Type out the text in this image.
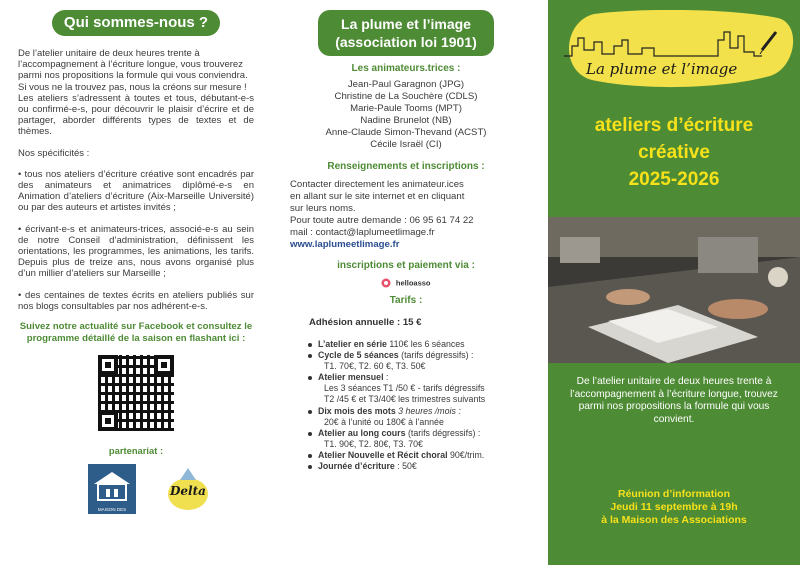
Qui sommes-nous ?

De l’atelier unitaire de deux heures trente à l’accompagnement à l’écriture longue, vous trouverez parmi nos propositions la formule qui vous conviendra. Si vous ne la trouvez pas, nous la créons sur mesure !

Les ateliers s’adressent à toutes et tous, débutant-e-s ou confirmé-e-s, pour découvrir le plaisir d’écrire et de partager, aborder différents types de textes et de thèmes.

Nos spécificités :

• tous nos ateliers d’écriture créative sont encadrés par des animateurs et animatrices diplômé-e-s en Animation d’ateliers d’écriture (Aix-Marseille Université) ou par des auteurs et artistes invités ;

• écrivant-e-s et animateurs-trices, associé-e-s au sein de notre Conseil d’administration, définissent les orientations, les programmes, les animations, les tarifs. Depuis plus de treize ans, nous avons organisé plus d’un millier d’ateliers sur Marseille ;

• des centaines de textes écrits en ateliers publiés sur nos blogs consultables par nos adhérent-e-s.

Suivez notre actualité sur Facebook et consultez le programme détaillé de la saison en flashant ici :

partenariat :

MAISON DES
Delta
La plume et l’image (association loi 1901)

Les animateurs.trices :

Jean-Paul Garagnon (JPG)
Christine de La Souchère (CDLS)
Marie-Paule Tooms (MPT)
Nadine Brunelot (NB)
Anne-Claude Simon-Thevand (ACST)
Cécile Israël (CI)

Renseignements et inscriptions :

Contacter directement les animateur.ices
en allant sur le site internet et en cliquant
sur leurs noms.
Pour toute autre demande : 06 95 61 74 22
mail : contact@laplumeetlimage.fr
www.laplumeetlimage.fr

inscriptions et paiement via :

helloasso

Tarifs :

Adhésion annuelle : 15 €

L’atelier en série 110€ les 6 séances
Cycle de 5 séances (tarifs dégressifs) :
T1. 70€, T2. 60 €, T3. 50€
Atelier mensuel :
Les 3 séances T1 /50 € - tarifs dégressifs
T2 /45 € et T3/40€ les trimestres suivants
Dix mois des mots 3 heures /mois :
20€ à l’unité ou 180€ à l’année
Atelier au long cours (tarifs dégressifs) :
T1. 90€, T2. 80€, T3. 70€
Atelier Nouvelle et Récit choral 90€/trim.
Journée d’écriture : 50€
La plume et l’image
ateliers d’écriture
créative
2025-2026
De l’atelier unitaire de deux heures trente à l’accompagnement à l’écriture longue, trouvez parmi nos propositions la formule qui vous convient.
Réunion d’information
Jeudi 11 septembre à 19h
à la Maison des Associations
